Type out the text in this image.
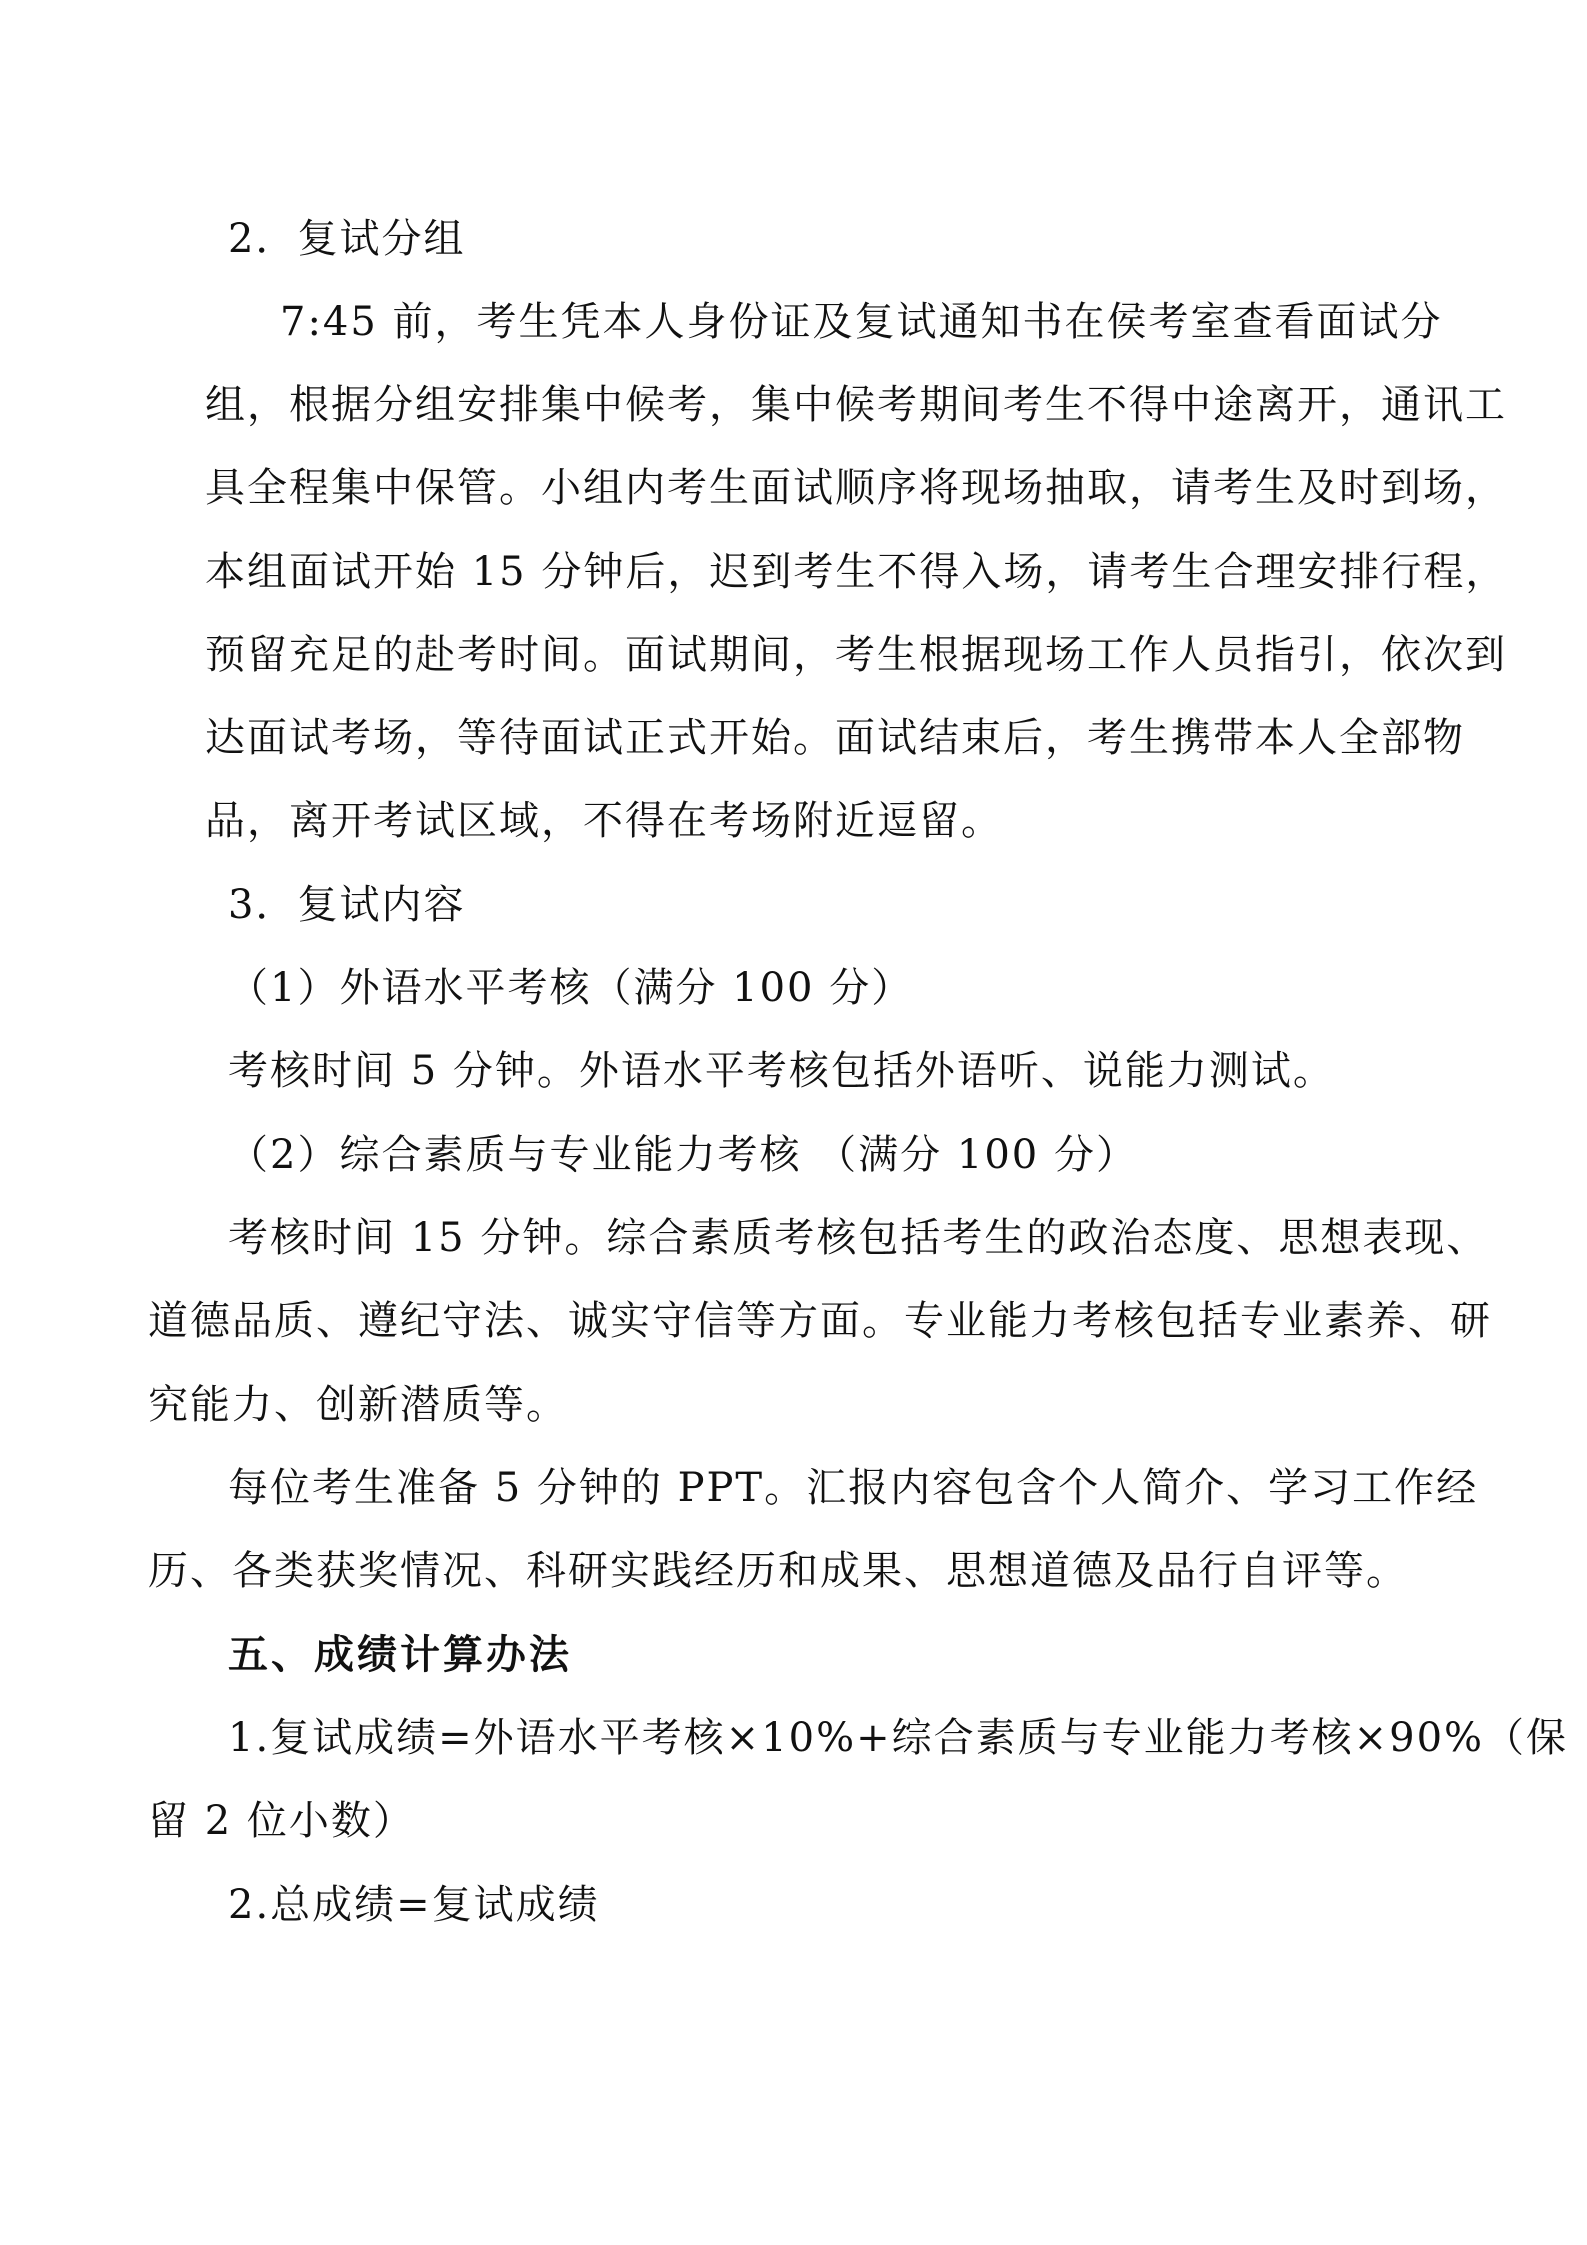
2．复试分组
7:45 前，考生凭本人身份证及复试通知书在侯考室查看面试分
组，根据分组安排集中候考，集中候考期间考生不得中途离开，通讯工
具全程集中保管。小组内考生面试顺序将现场抽取，请考生及时到场，
本组面试开始 15 分钟后，迟到考生不得入场，请考生合理安排行程，
预留充足的赴考时间。面试期间，考生根据现场工作人员指引，依次到
达面试考场，等待面试正式开始。面试结束后，考生携带本人全部物
品，离开考试区域，不得在考场附近逗留。
3．复试内容
（1）外语水平考核（满分 100 分）
考核时间 5 分钟。外语水平考核包括外语听、说能力测试。
（2）综合素质与专业能力考核 （满分 100 分）
考核时间 15 分钟。综合素质考核包括考生的政治态度、思想表现、
道德品质、遵纪守法、诚实守信等方面。专业能力考核包括专业素养、研
究能力、创新潜质等。
每位考生准备 5 分钟的 PPT。汇报内容包含个人简介、学习工作经
历、各类获奖情况、科研实践经历和成果、思想道德及品行自评等。
五、成绩计算办法
1.复试成绩=外语水平考核×10%+综合素质与专业能力考核×90%（保
留 2 位小数）
2.总成绩=复试成绩
